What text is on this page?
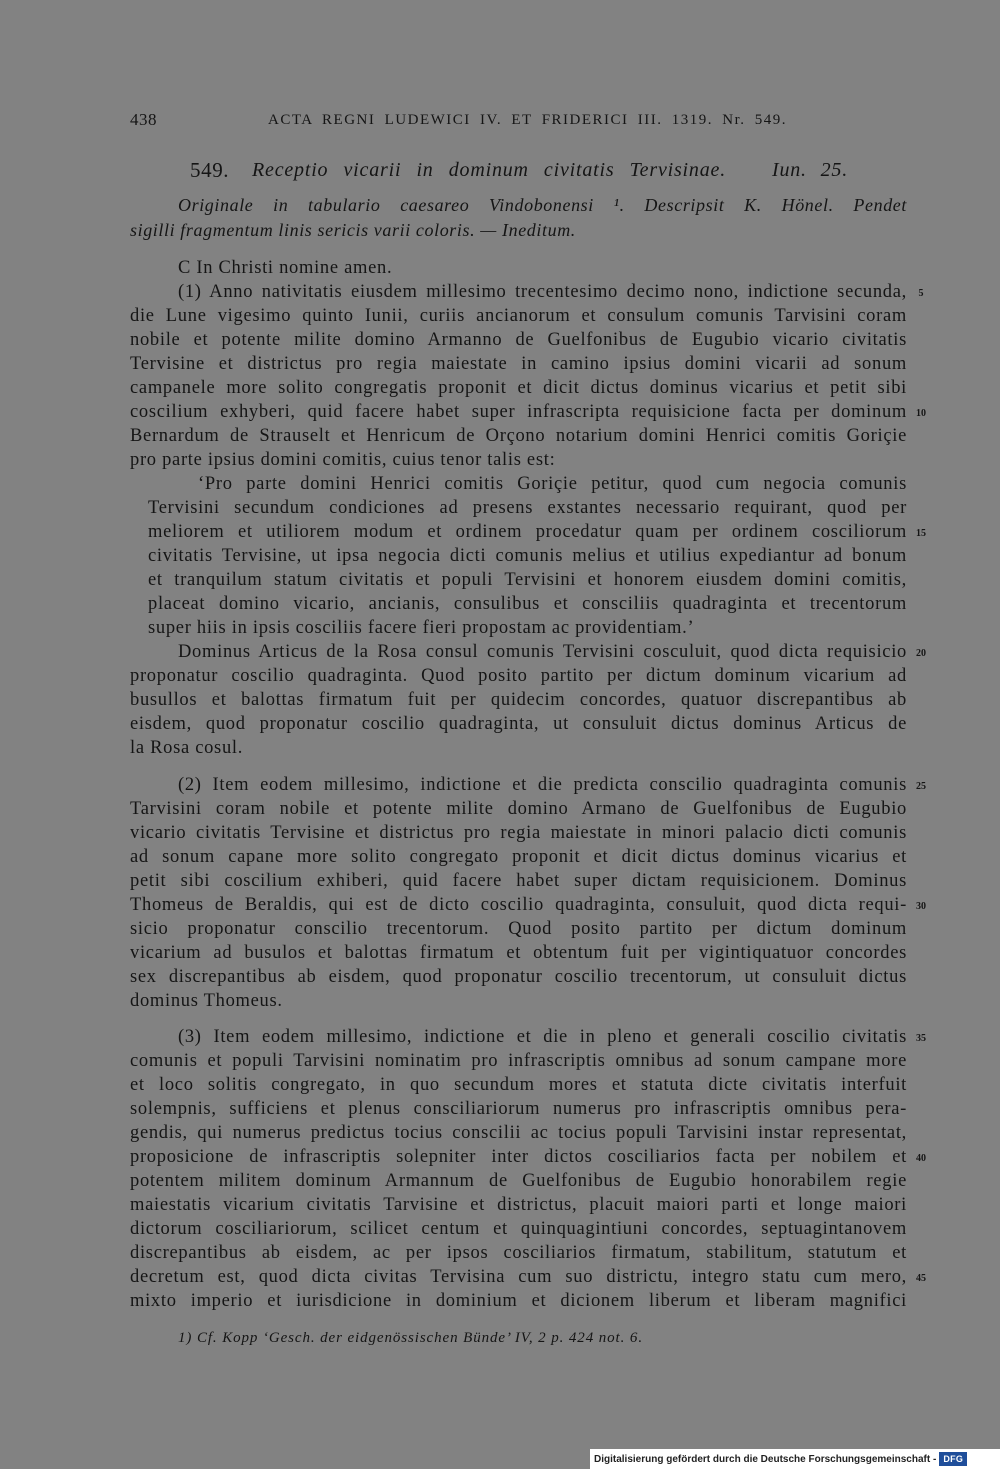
438	ACTA REGNI LUDEWICI IV. ET FRIDERICI III. 1319. Nr. 549.
549. Receptio vicarii in dominum civitatis Tervisinae. Iun. 25.
Originale in tabulario caesareo Vindobonensi ¹. Descripsit K. Hönel. Pendet
sigilli fragmentum linis sericis varii coloris. — Ineditum.
C In Christi nomine amen.
(1) Anno nativitatis eiusdem millesimo trecentesimo decimo nono, indictione secunda,
die Lune vigesimo quinto Iunii, curiis ancianorum et consulum comunis Tarvisini coram
nobile et potente milite domino Armanno de Guelfonibus de Eugubio vicario civitatis
Tervisine et districtus pro regia maiestate in camino ipsius domini vicarii ad sonum
campanele more solito congregatis proponit et dicit dictus dominus vicarius et petit sibi
coscilium exhyberi, quid facere habet super infrascripta requisicione facta per dominum
Bernardum de Strauselt et Henricum de Orçono notarium domini Henrici comitis Goriçie
pro parte ipsius domini comitis, cuius tenor talis est:
‘Pro parte domini Henrici comitis Goriçie petitur, quod cum negocia comunis
Tervisini secundum condiciones ad presens exstantes necessario requirant, quod per
meliorem et utiliorem modum et ordinem procedatur quam per ordinem cosciliorum
civitatis Tervisine, ut ipsa negocia dicti comunis melius et utilius expediantur ad bonum
et tranquilum statum civitatis et populi Tervisini et honorem eiusdem domini comitis,
placeat domino vicario, ancianis, consulibus et consciliis quadraginta et trecentorum
super hiis in ipsis cosciliis facere fieri propostam ac providentiam.’
Dominus Articus de la Rosa consul comunis Tervisini cosculuit, quod dicta requisicio
proponatur coscilio quadraginta. Quod posito partito per dictum dominum vicarium ad
busullos et balottas firmatum fuit per quidecim concordes, quatuor discrepantibus ab
eisdem, quod proponatur coscilio quadraginta, ut consuluit dictus dominus Articus de
la Rosa cosul.
(2) Item eodem millesimo, indictione et die predicta conscilio quadraginta comunis
Tarvisini coram nobile et potente milite domino Armano de Guelfonibus de Eugubio
vicario civitatis Tervisine et districtus pro regia maiestate in minori palacio dicti comunis
ad sonum capane more solito congregato proponit et dicit dictus dominus vicarius et
petit sibi coscilium exhiberi, quid facere habet super dictam requisicionem. Dominus
Thomeus de Beraldis, qui est de dicto coscilio quadraginta, consuluit, quod dicta requi-
sicio proponatur conscilio trecentorum. Quod posito partito per dictum dominum
vicarium ad busulos et balottas firmatum et obtentum fuit per vigintiquatuor concordes
sex discrepantibus ab eisdem, quod proponatur coscilio trecentorum, ut consuluit dictus
dominus Thomeus.
(3) Item eodem millesimo, indictione et die in pleno et generali coscilio civitatis
comunis et populi Tarvisini nominatim pro infrascriptis omnibus ad sonum campane more
et loco solitis congregato, in quo secundum mores et statuta dicte civitatis interfuit
solempnis, sufficiens et plenus consciliariorum numerus pro infrascriptis omnibus pera-
gendis, qui numerus predictus tocius conscilii ac tocius populi Tarvisini instar representat,
proposicione de infrascriptis solepniter inter dictos cosciliarios facta per nobilem et
potentem militem dominum Armannum de Guelfonibus de Eugubio honorabilem regie
maiestatis vicarium civitatis Tarvisine et districtus, placuit maiori parti et longe maiori
dictorum cosciliariorum, scilicet centum et quinquagintiuni concordes, septuagintanovem
discrepantibus ab eisdem, ac per ipsos cosciliarios firmatum, stabilitum, statutum et
decretum est, quod dicta civitas Tervisina cum suo districtu, integro statu cum mero,
mixto imperio et iurisdicione in dominium et dicionem liberum et liberam magnifici
5
10
15
20
25
30
35
40
45
1) Cf. Kopp ‘Gesch. der eidgenössischen Bünde’ IV, 2 p. 424 not. 6.
Digitalisierung gefördert durch die Deutsche Forschungsgemeinschaft - DFG
